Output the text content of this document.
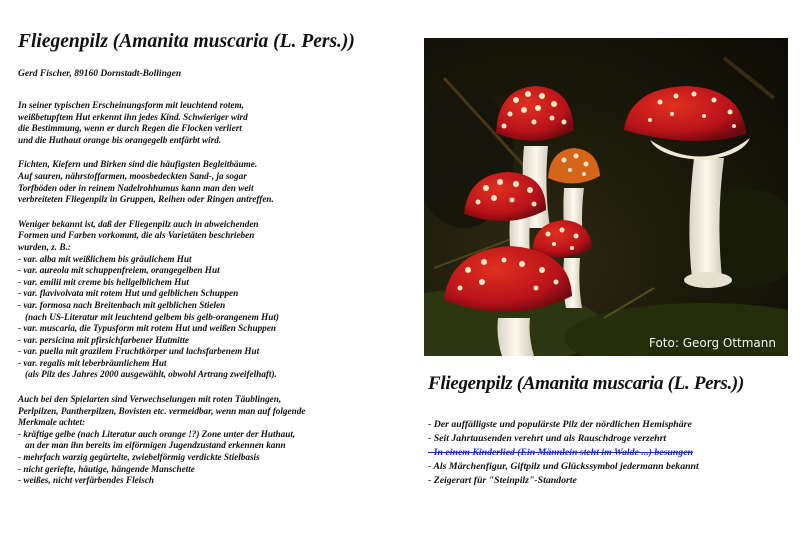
Fliegenpilz (Amanita muscaria (L. Pers.))
Gerd Fischer, 89160 Dornstadt-Bollingen
In seiner typischen Erscheinungsform mit leuchtend rotem,
weißbetupftem Hut erkennt ihn jedes Kind. Schwieriger wird
die Bestimmung, wenn er durch Regen die Flocken verliert
und die Huthaut orange bis orangegelb entfärbt wird.
Fichten, Kiefern und Birken sind die häufigsten Begleitbäume.
Auf sauren, nährstoffarmen, moosbedeckten Sand-, ja sogar
Torfböden oder in reinem Nadelrohhumus kann man den weit
verbreiteten Fliegenpilz in Gruppen, Reihen oder Ringen antreffen.
Weniger bekannt ist, daß der Fliegenpilz auch in abweichenden
Formen und Farben vorkommt, die als Varietäten beschrieben
wurden, z. B.:
- var. alba mit weißlichem bis gräulichem Hut
- var. aureola mit schuppenfreiem, orangegelben Hut
- var. emilii mit creme bis hellgelblichem Hut
- var. flavivolvata mit rotem Hut und gelblichen Schuppen
- var. formosa nach Breitenbach mit gelblichen Stielen
(nach US-Literatur mit leuchtend gelbem bis gelb-orangenem Hut)
- var. muscaria, die Typusform mit rotem Hut und weißen Schuppen
- var. persicina mit pfirsichfarbener Hutmitte
- var. puella mit grazilem Fruchtkörper und lachsfarbenem Hut
- var. regalis mit leberbräunlichem Hut
(als Pilz des Jahres 2000 ausgewählt, obwohl Artrang zweifelhaft).
Auch bei den Spielarten sind Verwechselungen mit roten Täublingen,
Perlpilzen, Pantherpilzen, Bovisten etc. vermeidbar, wenn man auf folgende
Merkmale achtet:
- kräftige gelbe (nach Literatur auch orange !?) Zone unter der Huthaut,
an der man ihn bereits im eiförmigen Jugendzustand erkennen kann
- mehrfach warzig gegürtelte, zwiebelförmig verdickte Stielbasis
- nicht geriefte, häutige, hängende Manschette
- weißes, nicht verfärbendes Fleisch
Foto: Georg Ottmann
Fliegenpilz (Amanita muscaria (L. Pers.))
- Der auffälligste und populärste Pilz der nördlichen Hemisphäre
- Seit Jahrtausenden verehrt und als Rauschdroge verzehrt
- In einem Kinderlied (Ein Männlein steht im Walde ...) besungen
- Als Märchenfigur, Giftpilz und Glückssymbol jedermann bekannt
- Zeigerart für "Steinpilz"-Standorte
